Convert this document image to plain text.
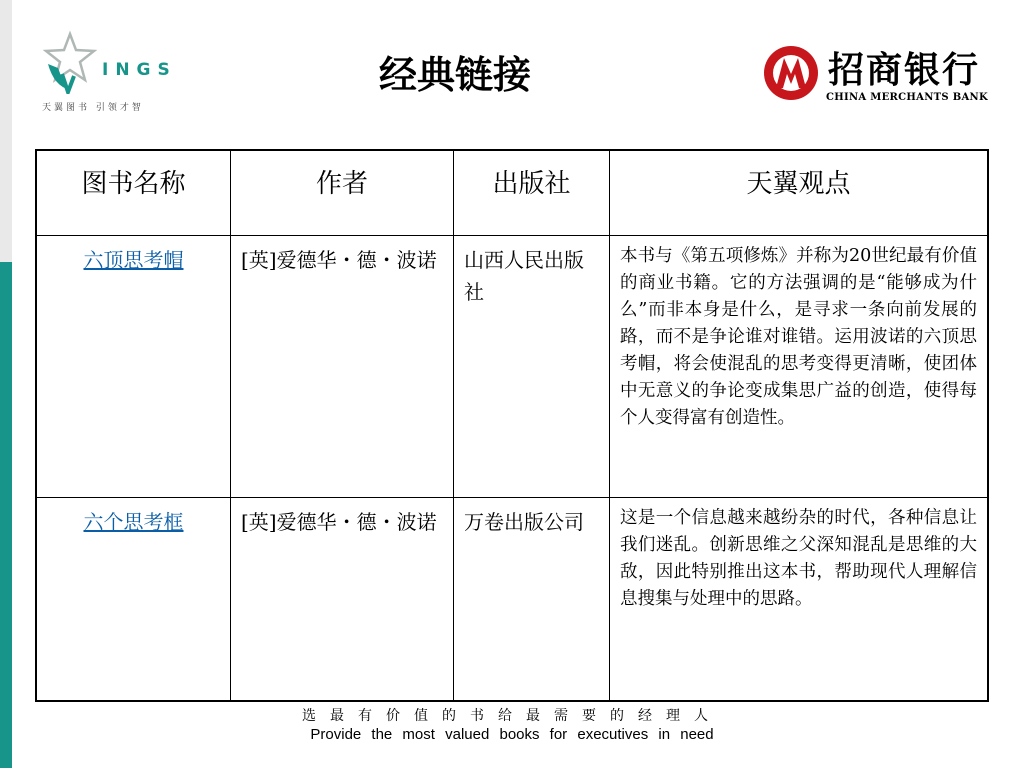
INGS
天翼图书 引领才智
经典链接	招商银行
CHINA MERCHANTS BANK
图书名称	作者	出版社	天翼观点
六顶思考帽	[英]爱德华・德・波诺	山西人民出版社	本书与《第五项修炼》并称为20世纪最有价值的商业书籍。它的方法强调的是“能够成为什么”而非本身是什么，是寻求一条向前发展的路，而不是争论谁对谁错。运用波诺的六顶思考帽，将会使混乱的思考变得更清晰，使团体中无意义的争论变成集思广益的创造，使得每个人变得富有创造性。
六个思考框	[英]爱德华・德・波诺	万卷出版公司	这是一个信息越来越纷杂的时代，各种信息让我们迷乱。创新思维之父深知混乱是思维的大敌，因此特别推出这本书，帮助现代人理解信息搜集与处理中的思路。
选最有价值的书给最需要的经理人
Provide the most valued books for executives in need
